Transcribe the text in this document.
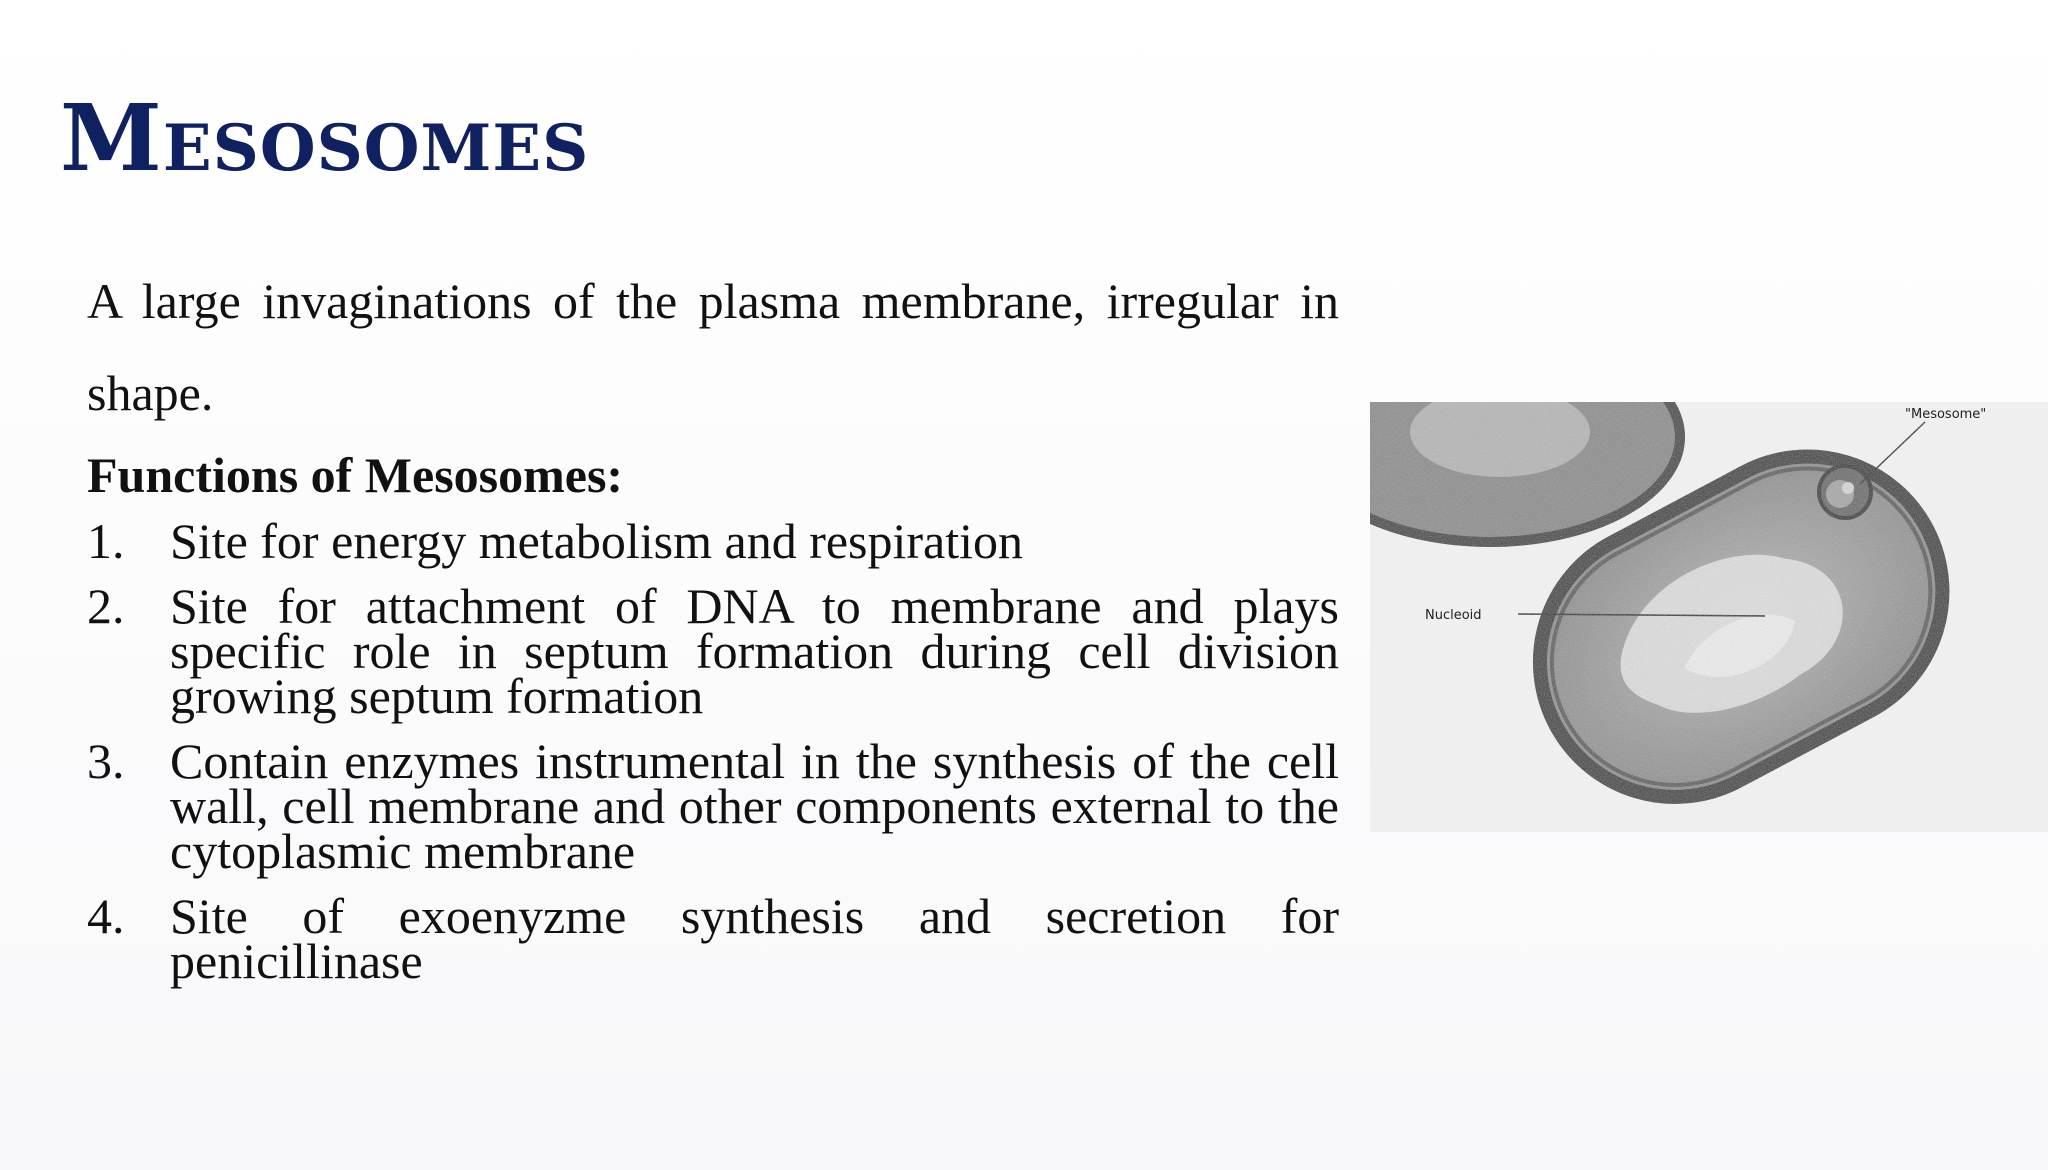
Mesosomes

A large invaginations of the plasma membrane, irregular in shape.

Functions of Mesosomes:
1. Site for energy metabolism and respiration
2. Site for attachment of DNA to membrane and plays specific role in septum formation during cell division growing septum formation
3. Contain enzymes instrumental in the synthesis of the cell wall, cell membrane and other components external to the cytoplasmic membrane
4. Site of exoenyzme synthesis and secretion for penicillinase
"Mesosome"
Nucleoid
